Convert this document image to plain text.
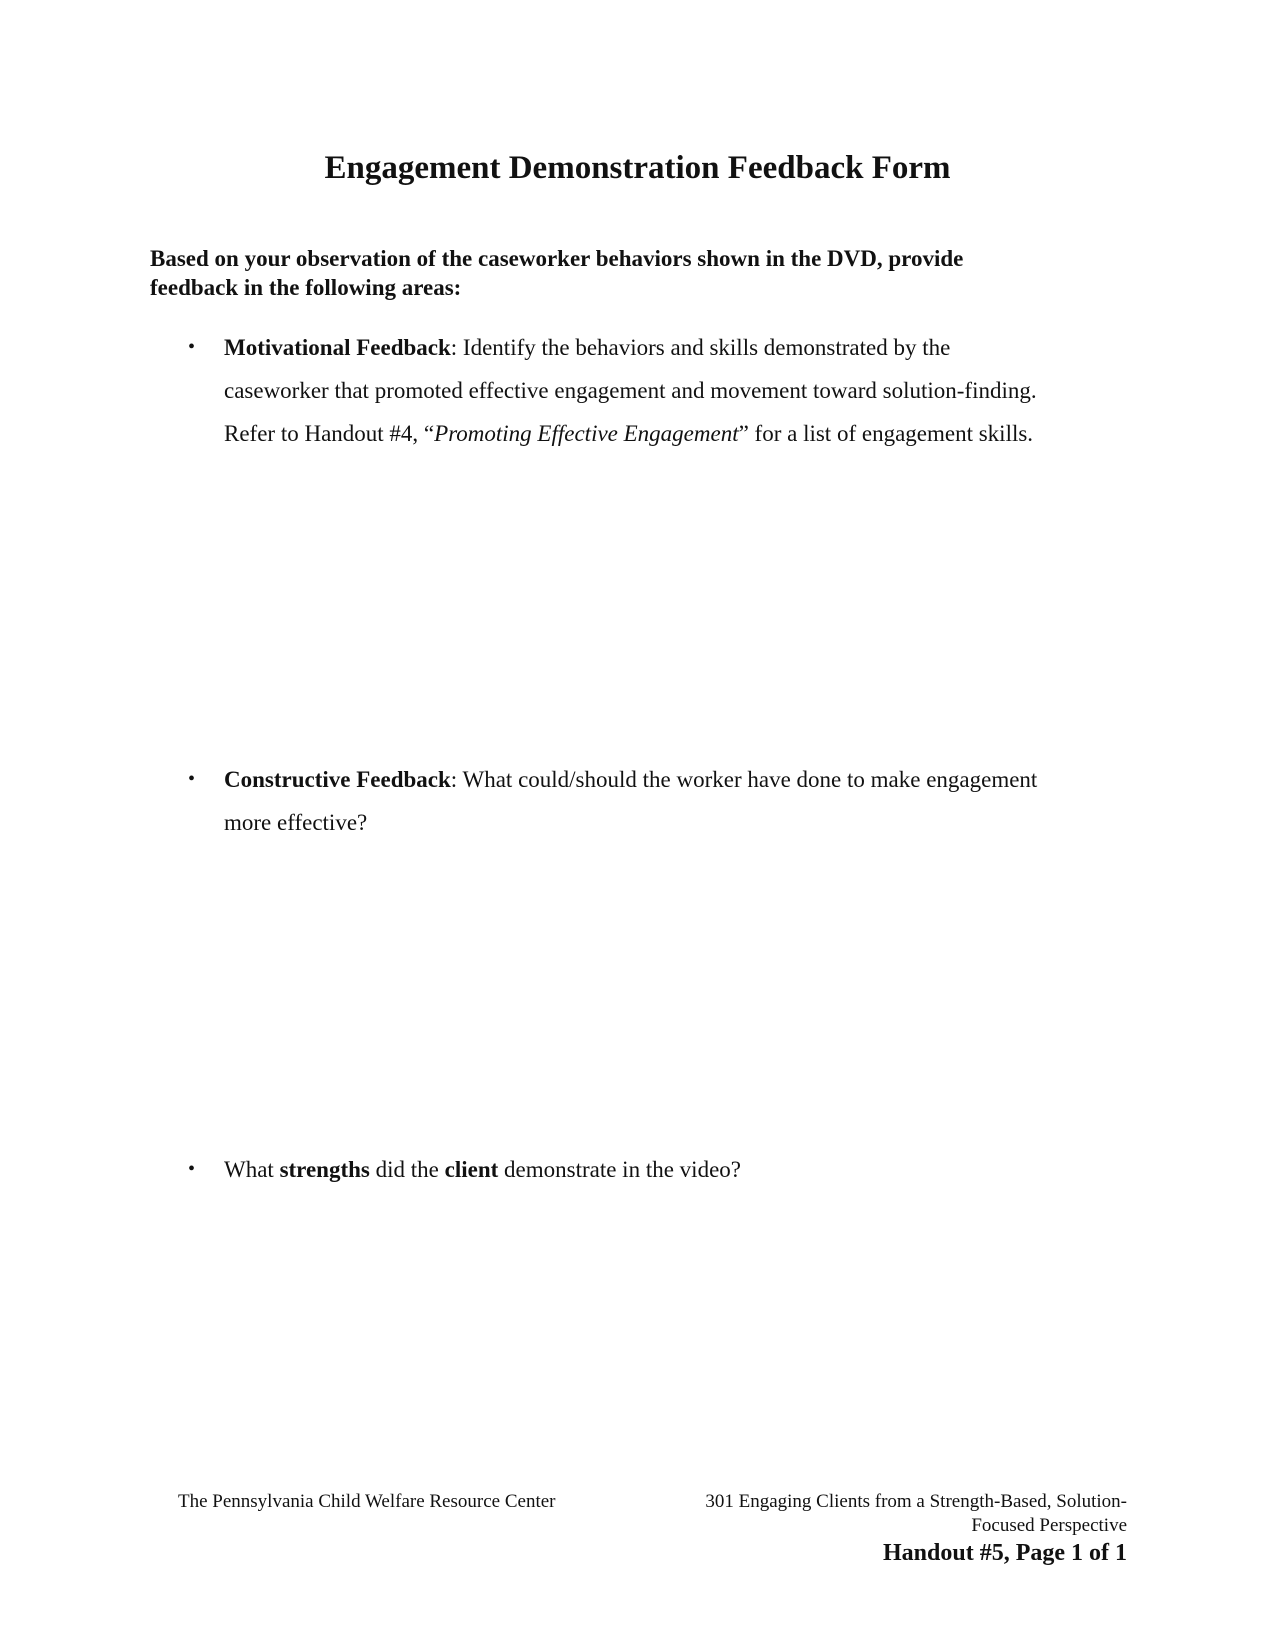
Engagement Demonstration Feedback Form

Based on your observation of the caseworker behaviors shown in the DVD, provide
feedback in the following areas:

•	Motivational Feedback: Identify the behaviors and skills demonstrated by the
caseworker that promoted effective engagement and movement toward solution-finding.
Refer to Handout #4, “Promoting Effective Engagement” for a list of engagement skills.
•	Constructive Feedback: What could/should the worker have done to make engagement
more effective?
•	What strengths did the client demonstrate in the video?
The Pennsylvania Child Welfare Resource Center	301 Engaging Clients from a Strength-Based, Solution-
Focused Perspective
Handout #5, Page 1 of 1
